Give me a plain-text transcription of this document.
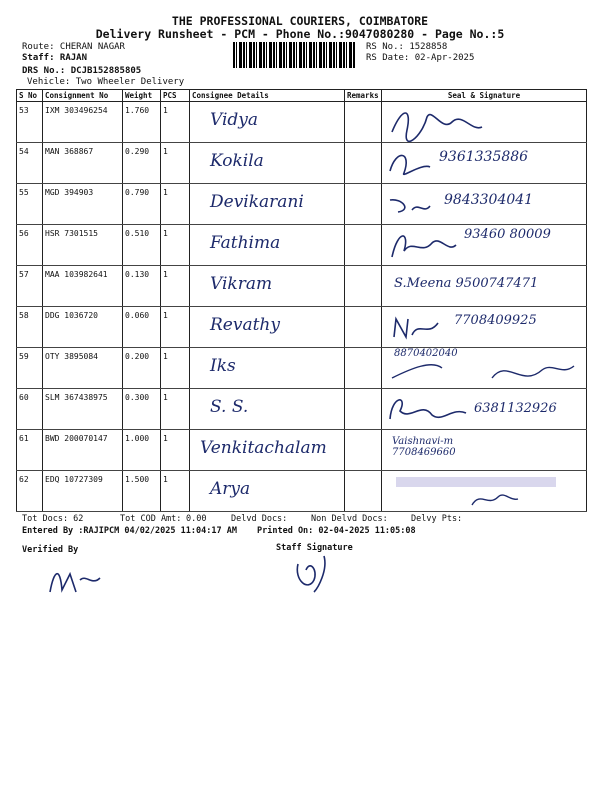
THE PROFESSIONAL COURIERS, COIMBATORE
Delivery Runsheet - PCM - Phone No.:9047080280 - Page No.:5
Route: CHERAN NAGAR
Staff: RAJAN
DRS No.: DCJB152885805
Vehicle: Two Wheeler Delivery
RS No.: 1528858
RS Date: 02-Apr-2025
S No	Consignment No	Weight	PCS	Consignee Details	Remarks	Seal & Signature
53	IXM 303496254	1.760	1	Vidya		

54	MAN 368867	0.290	1	Kokila		9361335886
55	MGD 394903	0.790	1	Devikarani		9843304041
56	HSR 7301515	0.510	1	Fathima		93460 80009
57	MAA 103982641	0.130	1	Vikram		S.Meena 9500747471
58	DDG 1036720	0.060	1	Revathy		7708409925
59	OTY 3895084	0.200	1	Iks		8870402040
60	SLM 367438975	0.300	1	S. S.		6381132926
61	BWD 200070147	1.000	1	Venkitachalam		Vaishnavi-m 7708469660
62	EDQ 10727309	1.500	1	Arya		
Tot Docs: 62	Tot COD Amt: 0.00	Delvd Docs:	Non Delvd Docs:	Delvy Pts:
Entered By :RAJIPCM 04/02/2025 11:04:17 AM Printed On: 02-04-2025 11:05:08
Verified By	Staff Signature
